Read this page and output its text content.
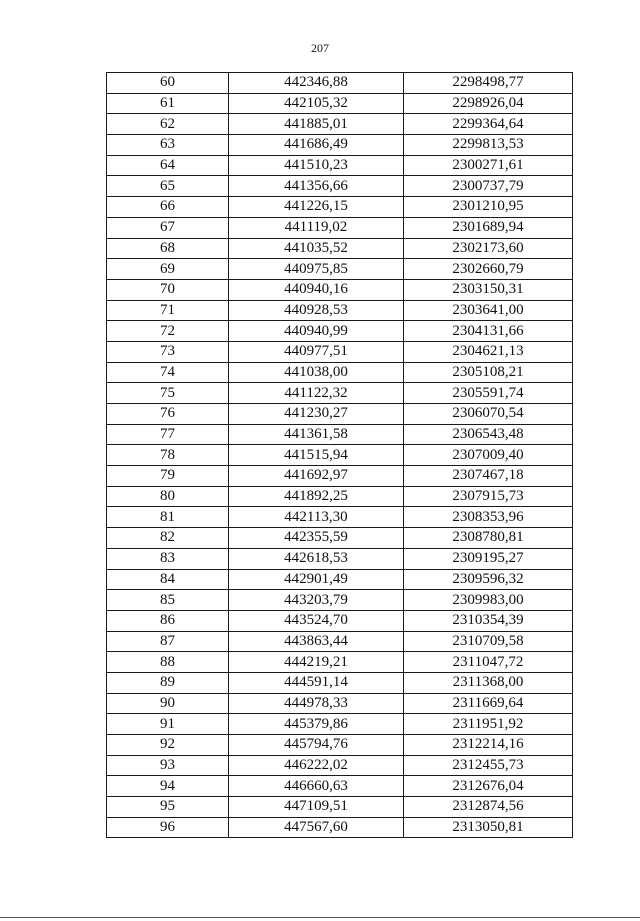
207
60	442346,88	2298498,77
61	442105,32	2298926,04
62	441885,01	2299364,64
63	441686,49	2299813,53
64	441510,23	2300271,61
65	441356,66	2300737,79
66	441226,15	2301210,95
67	441119,02	2301689,94
68	441035,52	2302173,60
69	440975,85	2302660,79
70	440940,16	2303150,31
71	440928,53	2303641,00
72	440940,99	2304131,66
73	440977,51	2304621,13
74	441038,00	2305108,21
75	441122,32	2305591,74
76	441230,27	2306070,54
77	441361,58	2306543,48
78	441515,94	2307009,40
79	441692,97	2307467,18
80	441892,25	2307915,73
81	442113,30	2308353,96
82	442355,59	2308780,81
83	442618,53	2309195,27
84	442901,49	2309596,32
85	443203,79	2309983,00
86	443524,70	2310354,39
87	443863,44	2310709,58
88	444219,21	2311047,72
89	444591,14	2311368,00
90	444978,33	2311669,64
91	445379,86	2311951,92
92	445794,76	2312214,16
93	446222,02	2312455,73
94	446660,63	2312676,04
95	447109,51	2312874,56
96	447567,60	2313050,81
